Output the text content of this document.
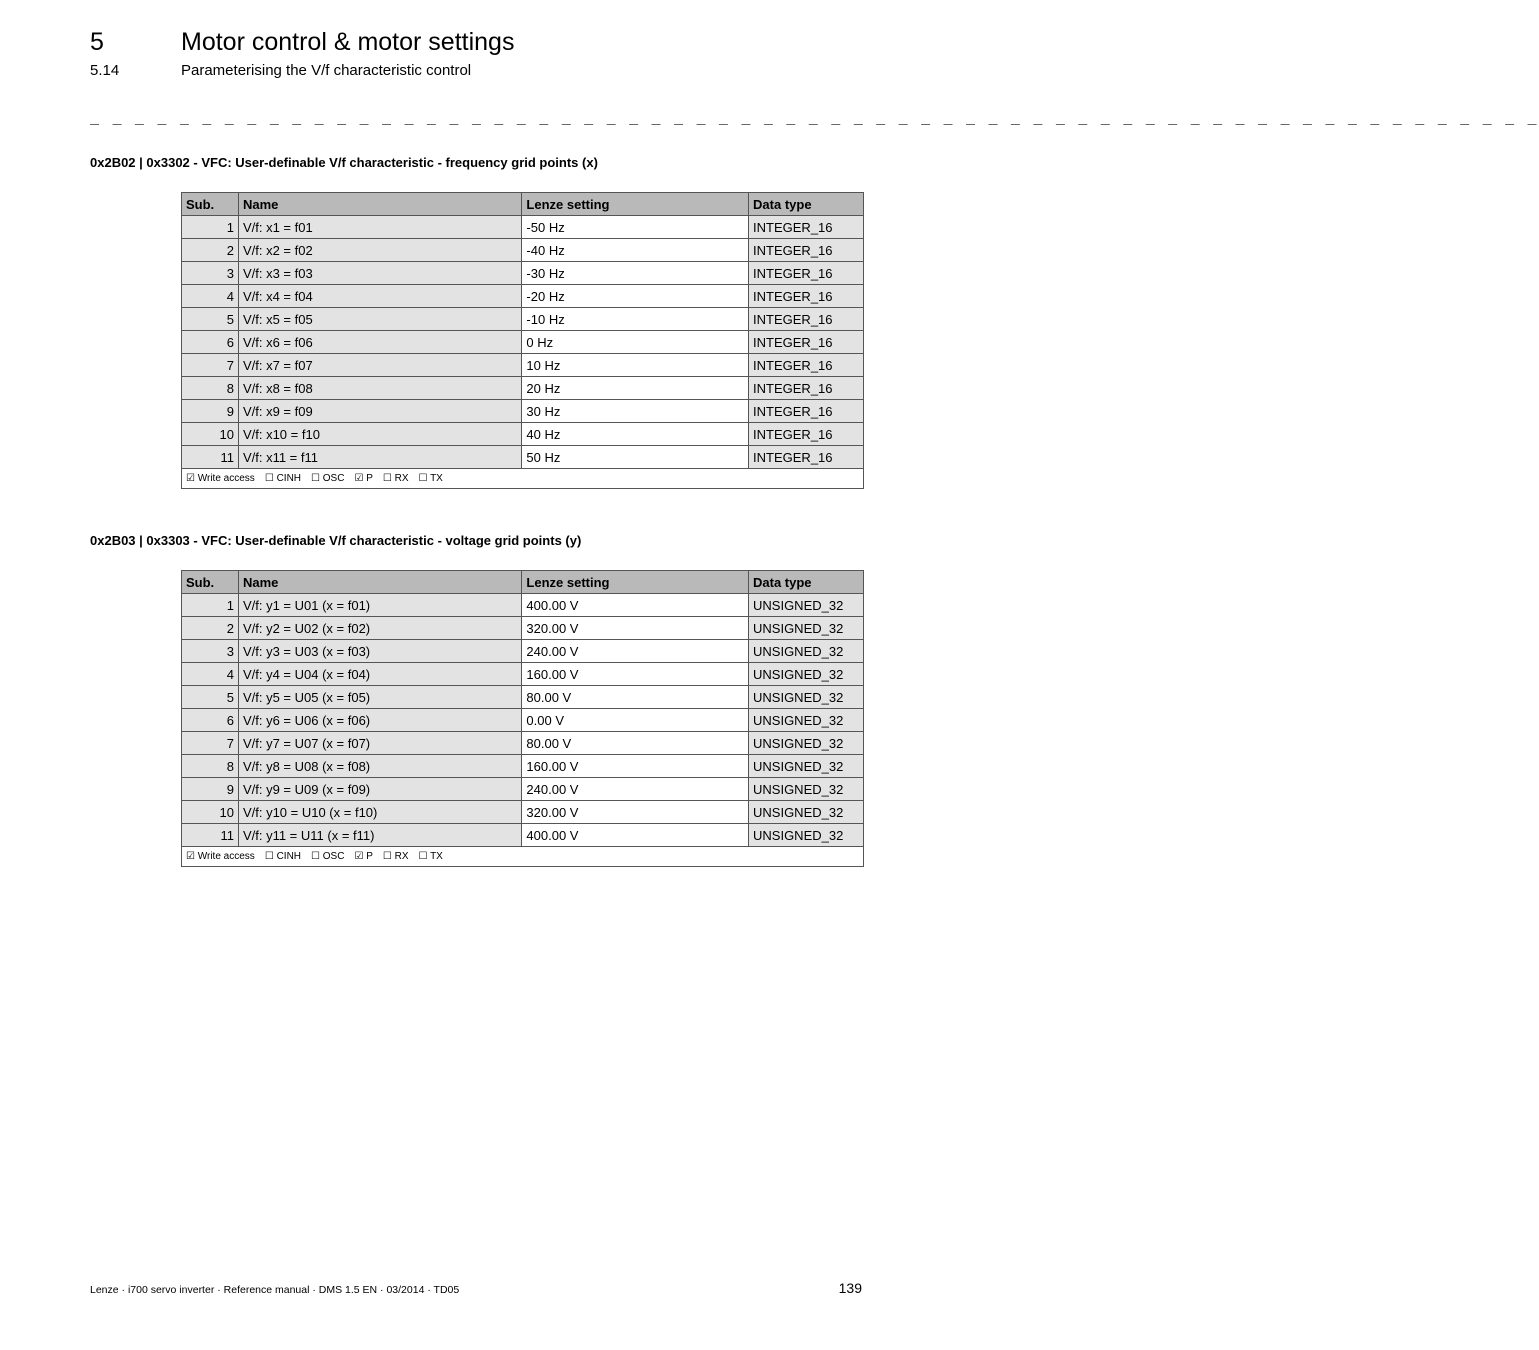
5	Motor control & motor settings
5.14	Parameterising the V/f characteristic control
_ _ _ _ _ _ _ _ _ _ _ _ _ _ _ _ _ _ _ _ _ _ _ _ _ _ _ _ _ _ _ _ _ _ _ _ _ _ _ _ _ _ _ _ _ _ _ _ _ _ _ _ _ _ _ _ _ _ _ _ _ _ _ _ _
0x2B02 | 0x3302 - VFC: User-definable V/f characteristic - frequency grid points (x)
Sub.	Name	Lenze setting	Data type
1	V/f: x1 = f01	-50 Hz	INTEGER_16
2	V/f: x2 = f02	-40 Hz	INTEGER_16
3	V/f: x3 = f03	-30 Hz	INTEGER_16
4	V/f: x4 = f04	-20 Hz	INTEGER_16
5	V/f: x5 = f05	-10 Hz	INTEGER_16
6	V/f: x6 = f06	0 Hz	INTEGER_16
7	V/f: x7 = f07	10 Hz	INTEGER_16
8	V/f: x8 = f08	20 Hz	INTEGER_16
9	V/f: x9 = f09	30 Hz	INTEGER_16
10	V/f: x10 = f10	40 Hz	INTEGER_16
11	V/f: x11 = f11	50 Hz	INTEGER_16
☑ Write access ☐ CINH ☐ OSC ☑ P ☐ RX ☐ TX			
0x2B03 | 0x3303 - VFC: User-definable V/f characteristic - voltage grid points (y)
Sub.	Name	Lenze setting	Data type
1	V/f: y1 = U01 (x = f01)	400.00 V	UNSIGNED_32
2	V/f: y2 = U02 (x = f02)	320.00 V	UNSIGNED_32
3	V/f: y3 = U03 (x = f03)	240.00 V	UNSIGNED_32
4	V/f: y4 = U04 (x = f04)	160.00 V	UNSIGNED_32
5	V/f: y5 = U05 (x = f05)	80.00 V	UNSIGNED_32
6	V/f: y6 = U06 (x = f06)	0.00 V	UNSIGNED_32
7	V/f: y7 = U07 (x = f07)	80.00 V	UNSIGNED_32
8	V/f: y8 = U08 (x = f08)	160.00 V	UNSIGNED_32
9	V/f: y9 = U09 (x = f09)	240.00 V	UNSIGNED_32
10	V/f: y10 = U10 (x = f10)	320.00 V	UNSIGNED_32
11	V/f: y11 = U11 (x = f11)	400.00 V	UNSIGNED_32
☑ Write access ☐ CINH ☐ OSC ☑ P ☐ RX ☐ TX			
Lenze · i700 servo inverter · Reference manual · DMS 1.5 EN · 03/2014 · TD05	139
